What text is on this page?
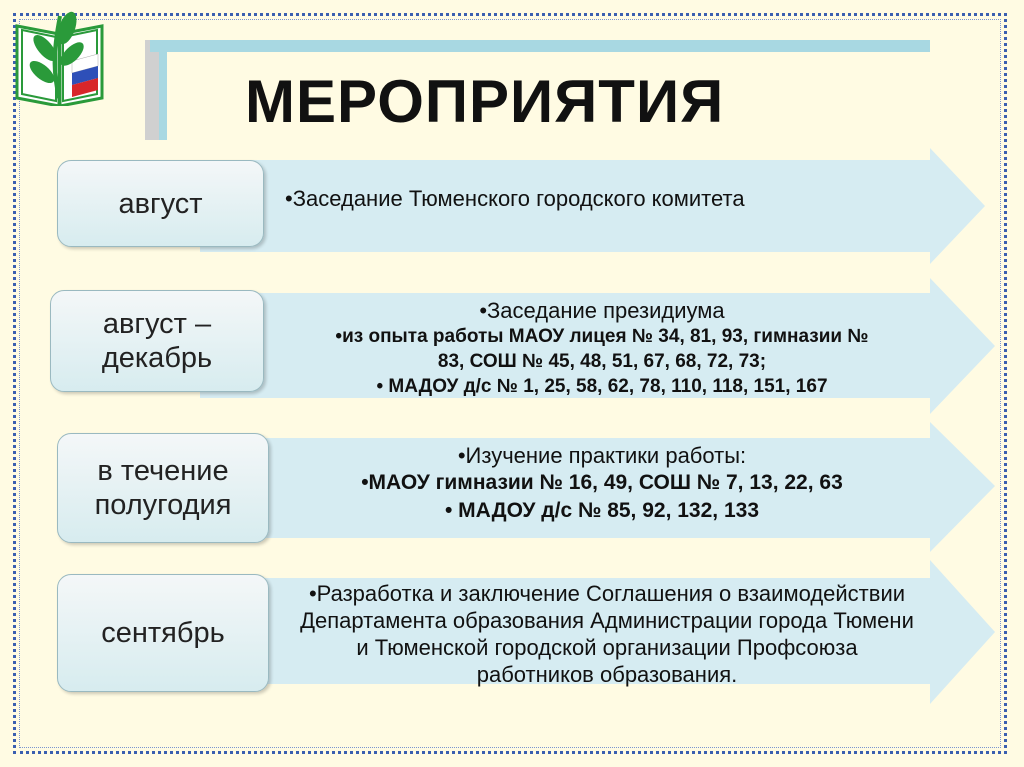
МЕРОПРИЯТИЯ
август	•Заседание Тюменского городского комитета
август – декабрь
•Заседание президиума
•из опыта работы МАОУ лицея № 34, 81, 93, гимназии №
83, СОШ № 45, 48, 51, 67, 68, 72, 73;
• МАДОУ д/с № 1, 25, 58, 62, 78, 110, 118, 151, 167
в течение полугодия
•Изучение практики работы:
•МАОУ гимназии № 16, 49, СОШ № 7, 13, 22, 63
• МАДОУ д/с № 85, 92, 132, 133
сентябрь
•Разработка и заключение Соглашения о взаимодействии
Департамента образования Администрации города Тюмени
и Тюменской городской организации Профсоюза
работников образования.
